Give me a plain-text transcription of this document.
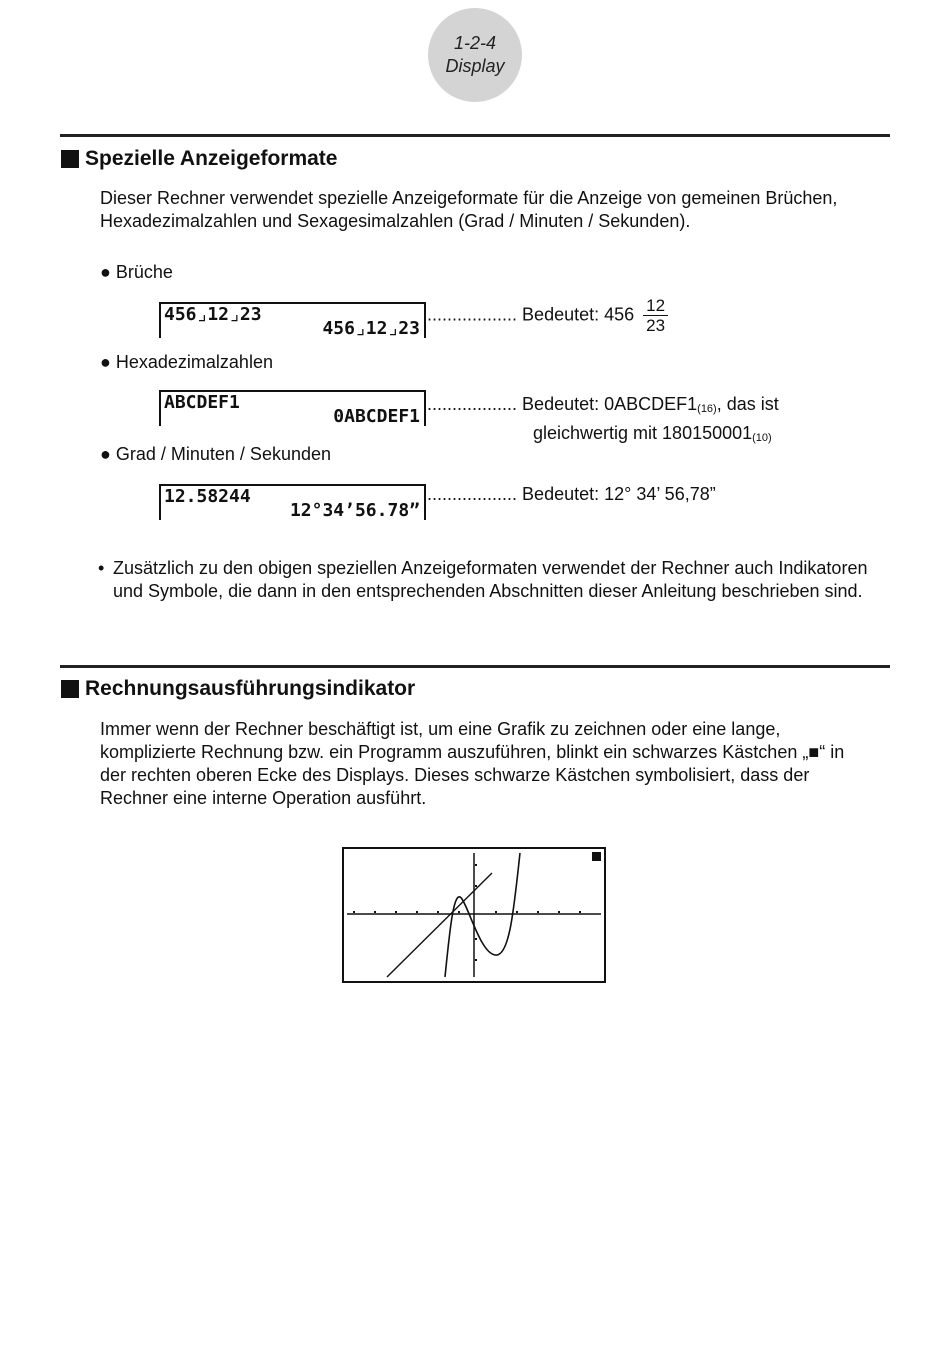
1-2-4
Display
Spezielle Anzeigeformate
Dieser Rechner verwendet spezielle Anzeigeformate für die Anzeige von gemeinen Brüchen, Hexadezimalzahlen und Sexagesimalzahlen (Grad / Minuten / Sekunden).
● Brüche
456⌟12⌟23
456⌟12⌟23
.................. Bedeutet: $456 \frac{12}{23}$
● Hexadezimalzahlen
ABCDEF1
0ABCDEF1
.................. Bedeutet: $0ABCDEF1_{(16)}$, das ist
gleichwertig mit $180150001_{(10)}$
● Grad / Minuten / Sekunden
12.58244
12°34’56.78”
.................. Bedeutet: 12° 34’ 56,78”
• Zusätzlich zu den obigen speziellen Anzeigeformaten verwendet der Rechner auch Indikatoren und Symbole, die dann in den entsprechenden Abschnitten dieser Anleitung beschrieben sind.
Rechnungsausführungsindikator
Immer wenn der Rechner beschäftigt ist, um eine Grafik zu zeichnen oder eine lange, komplizierte Rechnung bzw. ein Programm auszuführen, blinkt ein schwarzes Kästchen „■“ in der rechten oberen Ecke des Displays. Dieses schwarze Kästchen symbolisiert, dass der Rechner eine interne Operation ausführt.
